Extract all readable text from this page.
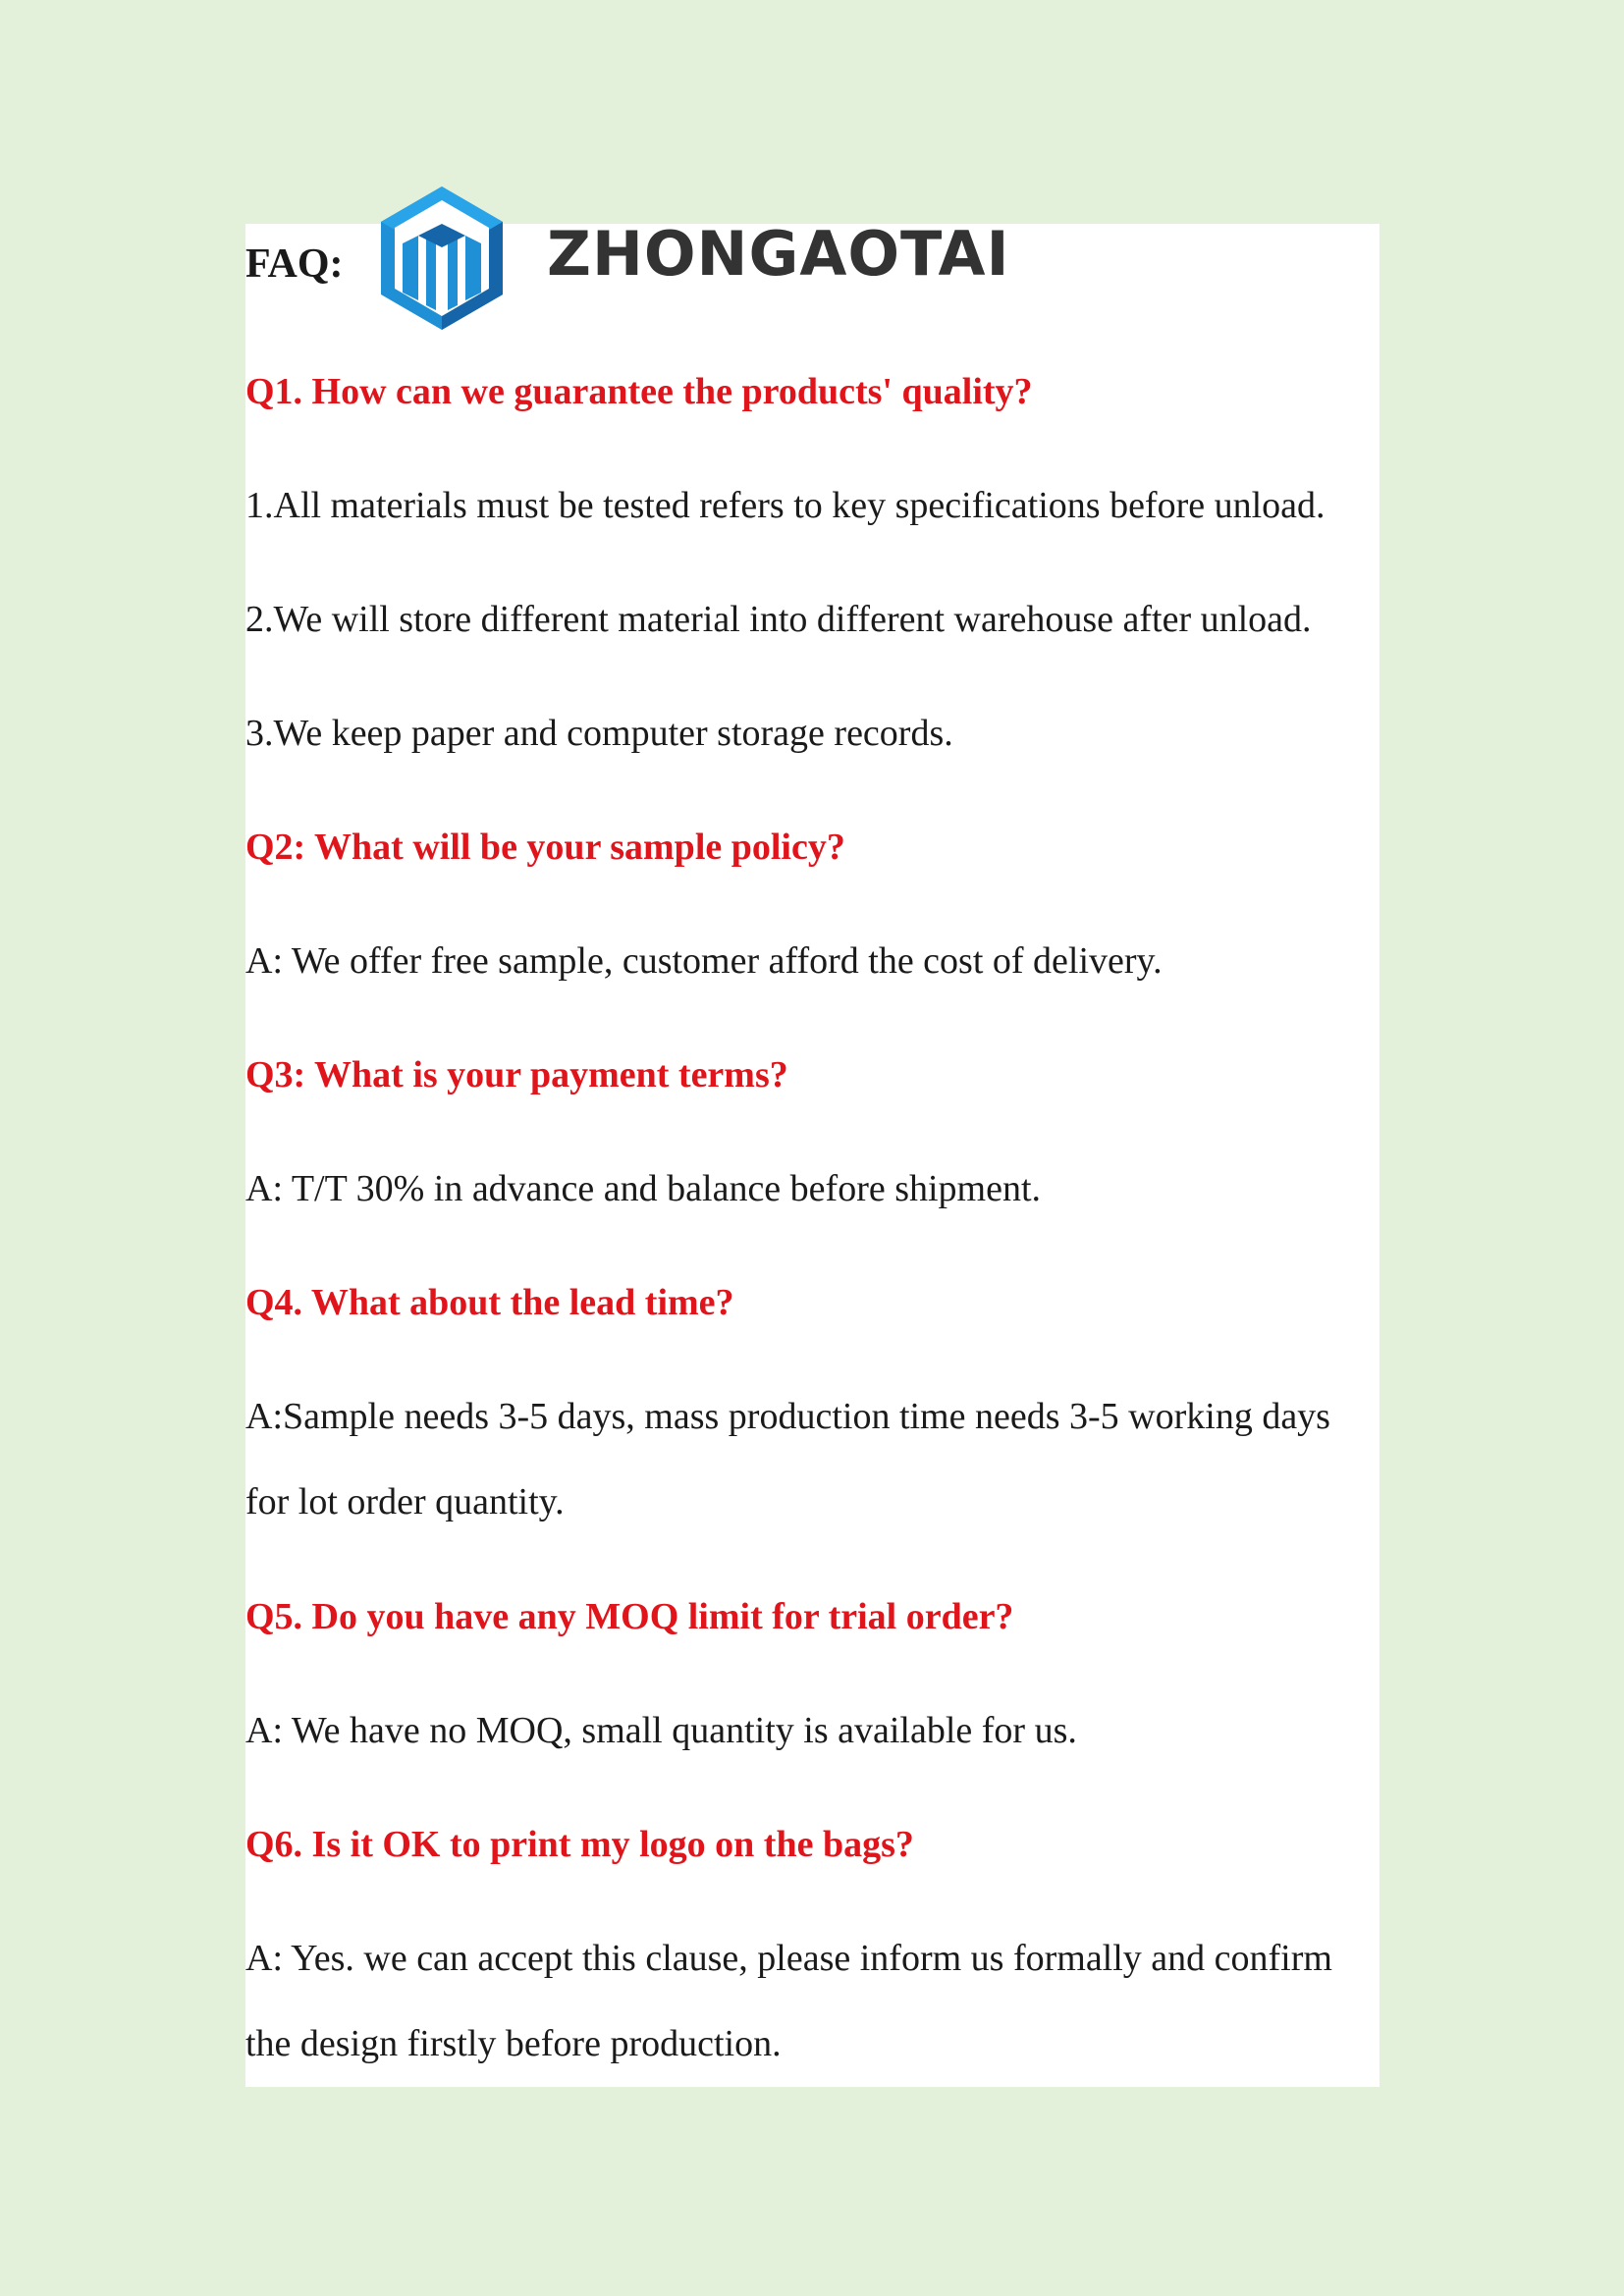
FAQ:	ZHONGAOTAI
Q1. How can we guarantee the products' quality?
1.All materials must be tested refers to key specifications before unload.
2.We will store different material into different warehouse after unload.
3.We keep paper and computer storage records.
Q2: What will be your sample policy?
A: We offer free sample, customer afford the cost of delivery.
Q3: What is your payment terms?
A: T/T 30% in advance and balance before shipment.
Q4. What about the lead time?
A:Sample needs 3-5 days, mass production time needs 3-5 working days for lot order quantity.
Q5. Do you have any MOQ limit for trial order?
A: We have no MOQ, small quantity is available for us.
Q6. Is it OK to print my logo on the bags?
A: Yes. we can accept this clause, please inform us formally and confirm the design firstly before production.
